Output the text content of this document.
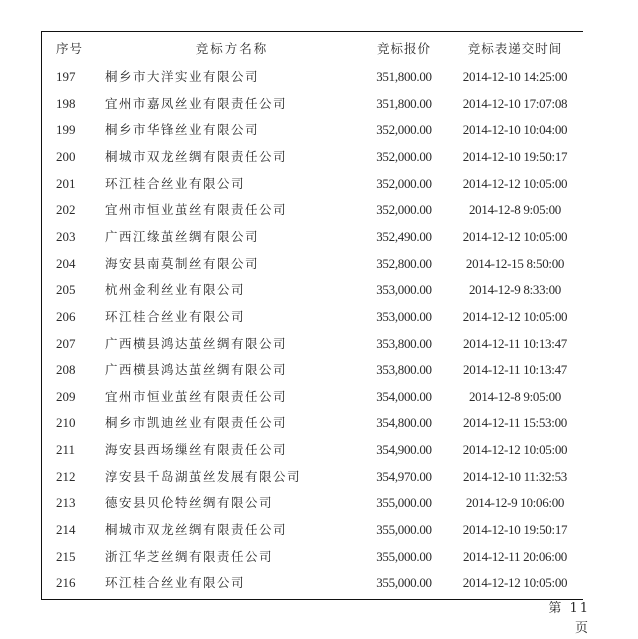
序号	竞标方名称	竞标报价	竞标表递交时间
197	桐乡市大洋实业有限公司	351,800.00	2014-12-10 14:25:00
198	宜州市嘉凤丝业有限责任公司	351,800.00	2014-12-10 17:07:08
199	桐乡市华锋丝业有限公司	352,000.00	2014-12-10 10:04:00
200	桐城市双龙丝绸有限责任公司	352,000.00	2014-12-10 19:50:17
201	环江桂合丝业有限公司	352,000.00	2014-12-12 10:05:00
202	宜州市恒业茧丝有限责任公司	352,000.00	2014-12-8 9:05:00
203	广西江缘茧丝绸有限公司	352,490.00	2014-12-12 10:05:00
204	海安县南莫制丝有限公司	352,800.00	2014-12-15 8:50:00
205	杭州金利丝业有限公司	353,000.00	2014-12-9 8:33:00
206	环江桂合丝业有限公司	353,000.00	2014-12-12 10:05:00
207	广西横县鸿达茧丝绸有限公司	353,800.00	2014-12-11 10:13:47
208	广西横县鸿达茧丝绸有限公司	353,800.00	2014-12-11 10:13:47
209	宜州市恒业茧丝有限责任公司	354,000.00	2014-12-8 9:05:00
210	桐乡市凯迪丝业有限责任公司	354,800.00	2014-12-11 15:53:00
211	海安县西场缫丝有限责任公司	354,900.00	2014-12-12 10:05:00
212	淳安县千岛湖茧丝发展有限公司	354,970.00	2014-12-10 11:32:53
213	德安县贝伦特丝绸有限公司	355,000.00	2014-12-9 10:06:00
214	桐城市双龙丝绸有限责任公司	355,000.00	2014-12-10 19:50:17
215	浙江华芝丝绸有限责任公司	355,000.00	2014-12-11 20:06:00
216	环江桂合丝业有限公司	355,000.00	2014-12-12 10:05:00
第 11 页
